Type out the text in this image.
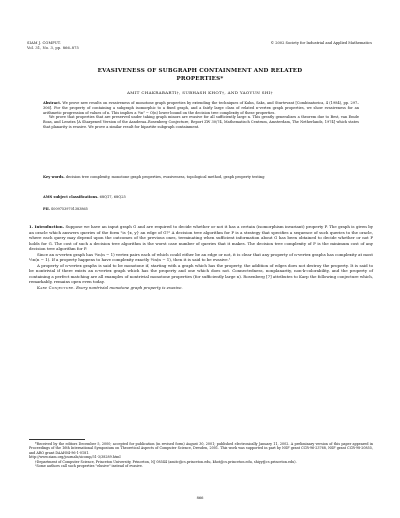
SIAM J. COMPUT.
Vol. 31, No. 3, pp. 866–875
© 2002 Society for Industrial and Applied Mathematics
EVASIVENESS OF SUBGRAPH CONTAINMENT AND RELATED
PROPERTIES*
AMIT CHAKRABARTI†, SUBHASH KHOT†, AND YAOYUN SHI†

Abstract. We prove new results on evasiveness of monotone graph properties by extending the techniques of Kahn, Saks, and Sturtevant [Combinatorica, 4 (1984), pp. 297–306]. For the property of containing a subgraph isomorphic to a fixed graph, and a fairly large class of related n-vertex graph properties, we show evasiveness for an arithmetic progression of values of n. This implies a ½n² − O(n) lower bound on the decision tree complexity of these properties.

We prove that properties that are preserved under taking graph minors are evasive for all sufficiently large n. This greatly generalizes a theorem due to Best, van Emde Boas, and Lenstra [A Sharpened Version of the Aanderaa–Rosenberg Conjecture, Report ZW 30/74, Mathematisch Centrum, Amsterdam, The Netherlands, 1974] which states that planarity is evasive. We prove a similar result for bipartite subgraph containment.

Key words. decision tree complexity, monotone graph properties, evasiveness, topological method, graph property testing
AMS subject classifications. 68Q17, 68Q25
PII. S0097539701383865

1. Introduction. Suppose we have an input graph G and are required to decide whether or not it has a certain (isomorphism invariant) property P. The graph is given by an oracle which answers queries of the form "is {x, y} an edge of G?" A decision tree algorithm for P is a strategy that specifies a sequence of such queries to the oracle, where each query may depend upon the outcomes of the previous ones, terminating when sufficient information about G has been obtained to decide whether or not P holds for G. The cost of such a decision tree algorithm is the worst case number of queries that it makes. The decision tree complexity of P is the minimum cost of any decision tree algorithm for P.

Since an n-vertex graph has ½n(n − 1) vertex pairs each of which could either be an edge or not, it is clear that any property of n-vertex graphs has complexity at most ½n(n − 1). If a property happens to have complexity exactly ½n(n − 1), then it is said to be evasive.¹

A property of n-vertex graphs is said to be monotone if, starting with a graph which has the property, the addition of edges does not destroy the property. It is said to be nontrivial if there exists an n-vertex graph which has the property and one which does not. Connectedness, nonplanarity, non-k-colorability, and the property of containing a perfect matching are all examples of nontrivial monotone properties (for sufficiently large n). Rosenberg [7] attributes to Karp the following conjecture which, remarkably, remains open even today.

Karp Conjecture. Every nontrivial monotone graph property is evasive.

*Received by the editors December 5, 2000; accepted for publication (in revised form) August 30, 2001; published electronically January 11, 2002. A preliminary version of this paper appeared in Proceedings of the 16th International Symposium on Theoretical Aspects of Computer Science, Dresden, 2001. This work was supported in part by NSF grant CCR-96-23768, NSF grant CCR-98-20855, and ARO grant DAAH04-96-1-0181.
http://www.siam.org/journals/sicomp/31-3/38289.html

†Department of Computer Science, Princeton University, Princeton, NJ 08544 (amitc@cs.princeton.edu, khot@cs.princeton.edu, shiyy@cs.princeton.edu).

¹Some authors call such properties "elusive" instead of evasive.

866
